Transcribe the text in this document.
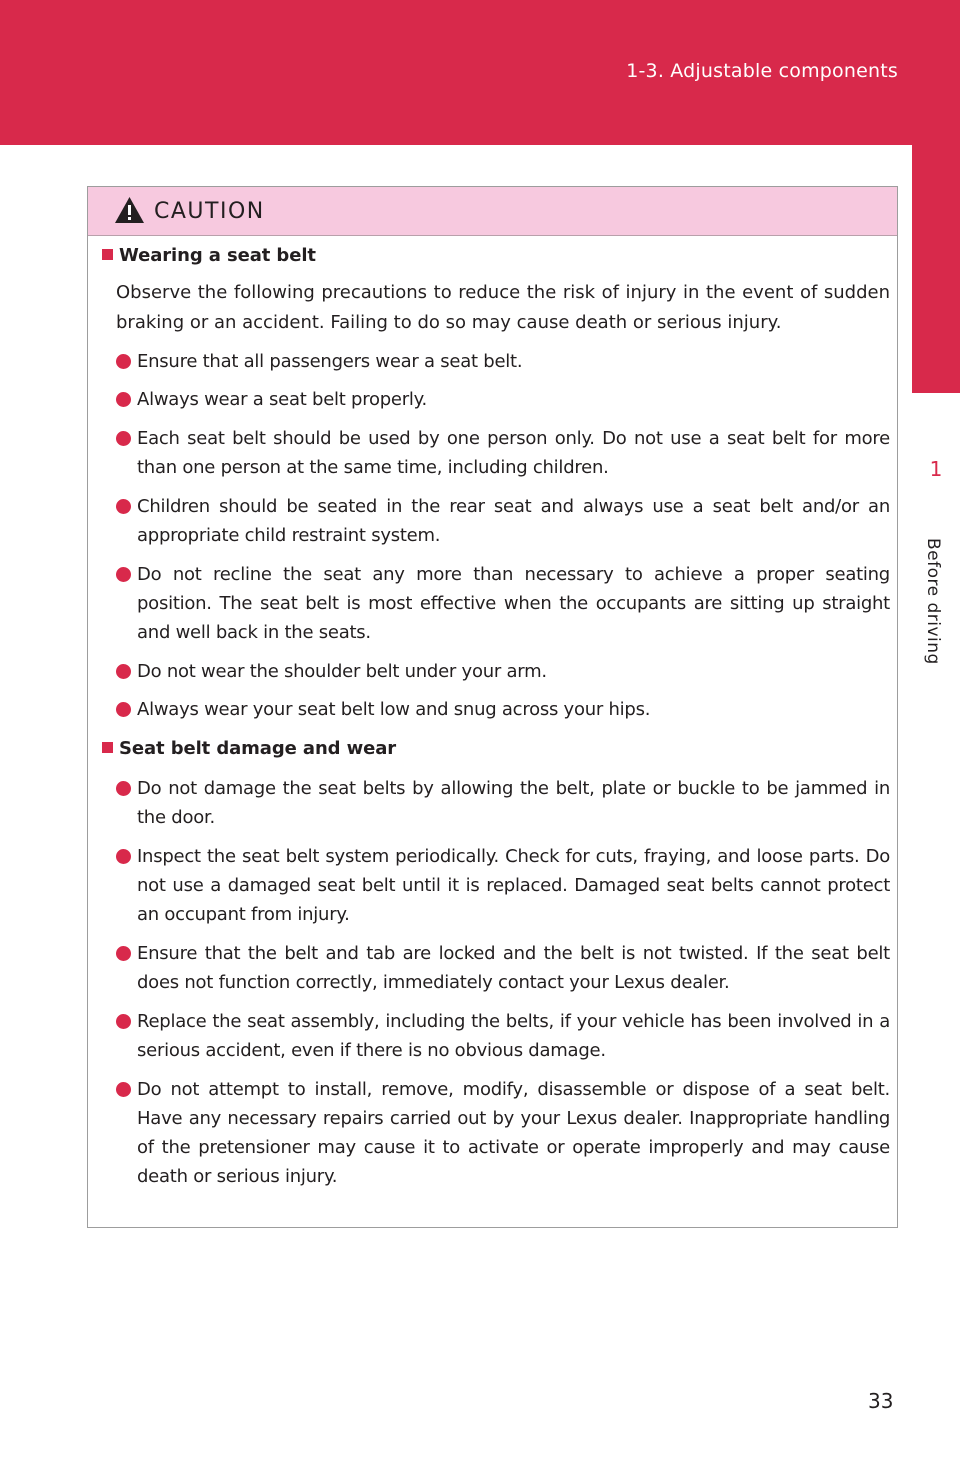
1-3. Adjustable components
1
Before driving
CAUTION
Wearing a seat belt
Observe the following precautions to reduce the risk of injury in the event of sudden braking or an accident. Failing to do so may cause death or serious injury.
Ensure that all passengers wear a seat belt.
Always wear a seat belt properly.
Each seat belt should be used by one person only. Do not use a seat belt for more than one person at the same time, including children.
Children should be seated in the rear seat and always use a seat belt and/or an appropriate child restraint system.
Do not recline the seat any more than necessary to achieve a proper seating position. The seat belt is most effective when the occupants are sitting up straight and well back in the seats.
Do not wear the shoulder belt under your arm.
Always wear your seat belt low and snug across your hips.
Seat belt damage and wear
Do not damage the seat belts by allowing the belt, plate or buckle to be jammed in the door.
Inspect the seat belt system periodically. Check for cuts, fraying, and loose parts. Do not use a damaged seat belt until it is replaced. Damaged seat belts cannot protect an occupant from injury.
Ensure that the belt and tab are locked and the belt is not twisted. If the seat belt does not function correctly, immediately contact your Lexus dealer.
Replace the seat assembly, including the belts, if your vehicle has been involved in a serious accident, even if there is no obvious damage.
Do not attempt to install, remove, modify, disassemble or dispose of a seat belt. Have any necessary repairs carried out by your Lexus dealer. Inappropriate handling of the pretensioner may cause it to activate or operate improperly and may cause death or serious injury.
33
